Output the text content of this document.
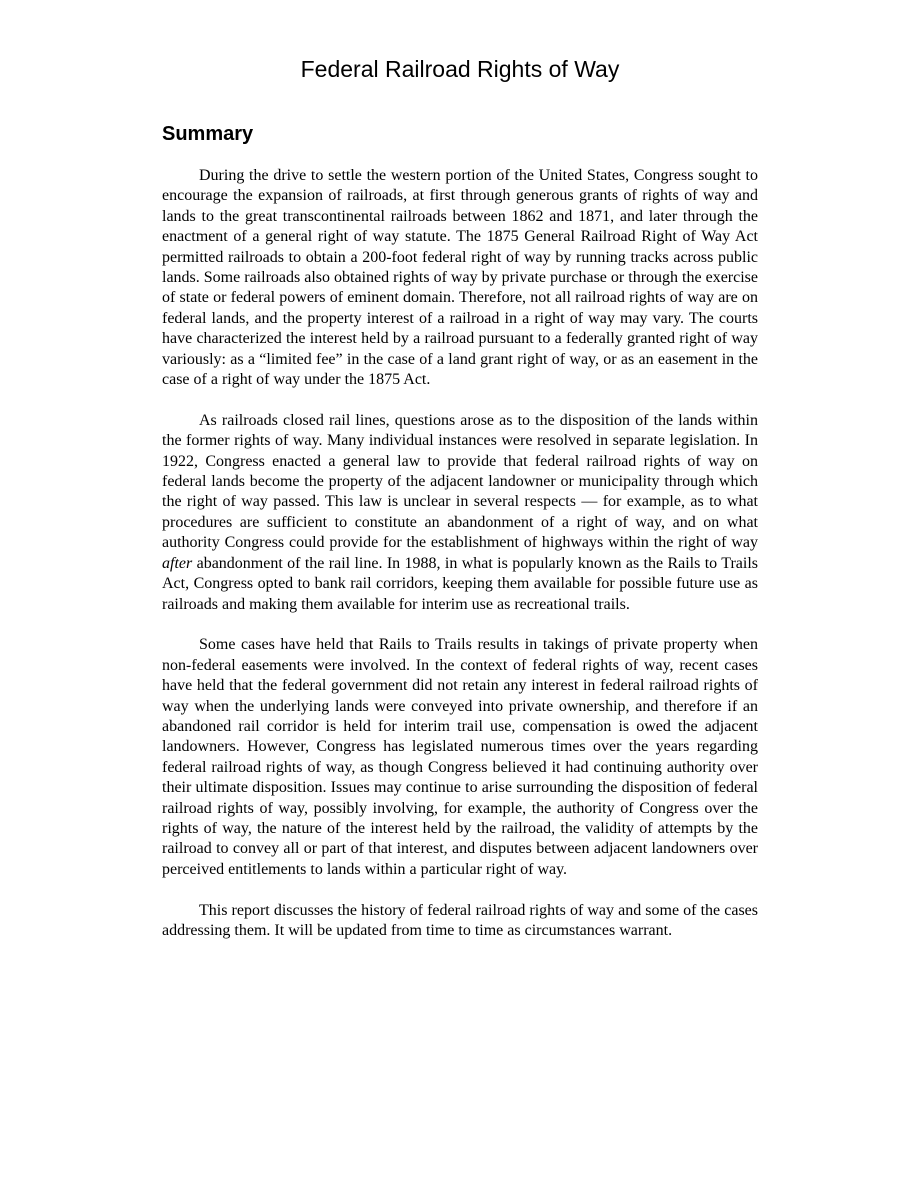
Federal Railroad Rights of Way
Summary

During the drive to settle the western portion of the United States, Congress sought to encourage the expansion of railroads, at first through generous grants of rights of way and lands to the great transcontinental railroads between 1862 and 1871, and later through the enactment of a general right of way statute. The 1875 General Railroad Right of Way Act permitted railroads to obtain a 200-foot federal right of way by running tracks across public lands. Some railroads also obtained rights of way by private purchase or through the exercise of state or federal powers of eminent domain. Therefore, not all railroad rights of way are on federal lands, and the property interest of a railroad in a right of way may vary. The courts have characterized the interest held by a railroad pursuant to a federally granted right of way variously: as a “limited fee” in the case of a land grant right of way, or as an easement in the case of a right of way under the 1875 Act.

As railroads closed rail lines, questions arose as to the disposition of the lands within the former rights of way. Many individual instances were resolved in separate legislation. In 1922, Congress enacted a general law to provide that federal railroad rights of way on federal lands become the property of the adjacent landowner or municipality through which the right of way passed. This law is unclear in several respects — for example, as to what procedures are sufficient to constitute an abandonment of a right of way, and on what authority Congress could provide for the establishment of highways within the right of way after abandonment of the rail line. In 1988, in what is popularly known as the Rails to Trails Act, Congress opted to bank rail corridors, keeping them available for possible future use as railroads and making them available for interim use as recreational trails.

Some cases have held that Rails to Trails results in takings of private property when non-federal easements were involved. In the context of federal rights of way, recent cases have held that the federal government did not retain any interest in federal railroad rights of way when the underlying lands were conveyed into private ownership, and therefore if an abandoned rail corridor is held for interim trail use, compensation is owed the adjacent landowners. However, Congress has legislated numerous times over the years regarding federal railroad rights of way, as though Congress believed it had continuing authority over their ultimate disposition. Issues may continue to arise surrounding the disposition of federal railroad rights of way, possibly involving, for example, the authority of Congress over the rights of way, the nature of the interest held by the railroad, the validity of attempts by the railroad to convey all or part of that interest, and disputes between adjacent landowners over perceived entitlements to lands within a particular right of way.

This report discusses the history of federal railroad rights of way and some of the cases addressing them. It will be updated from time to time as circumstances warrant.
